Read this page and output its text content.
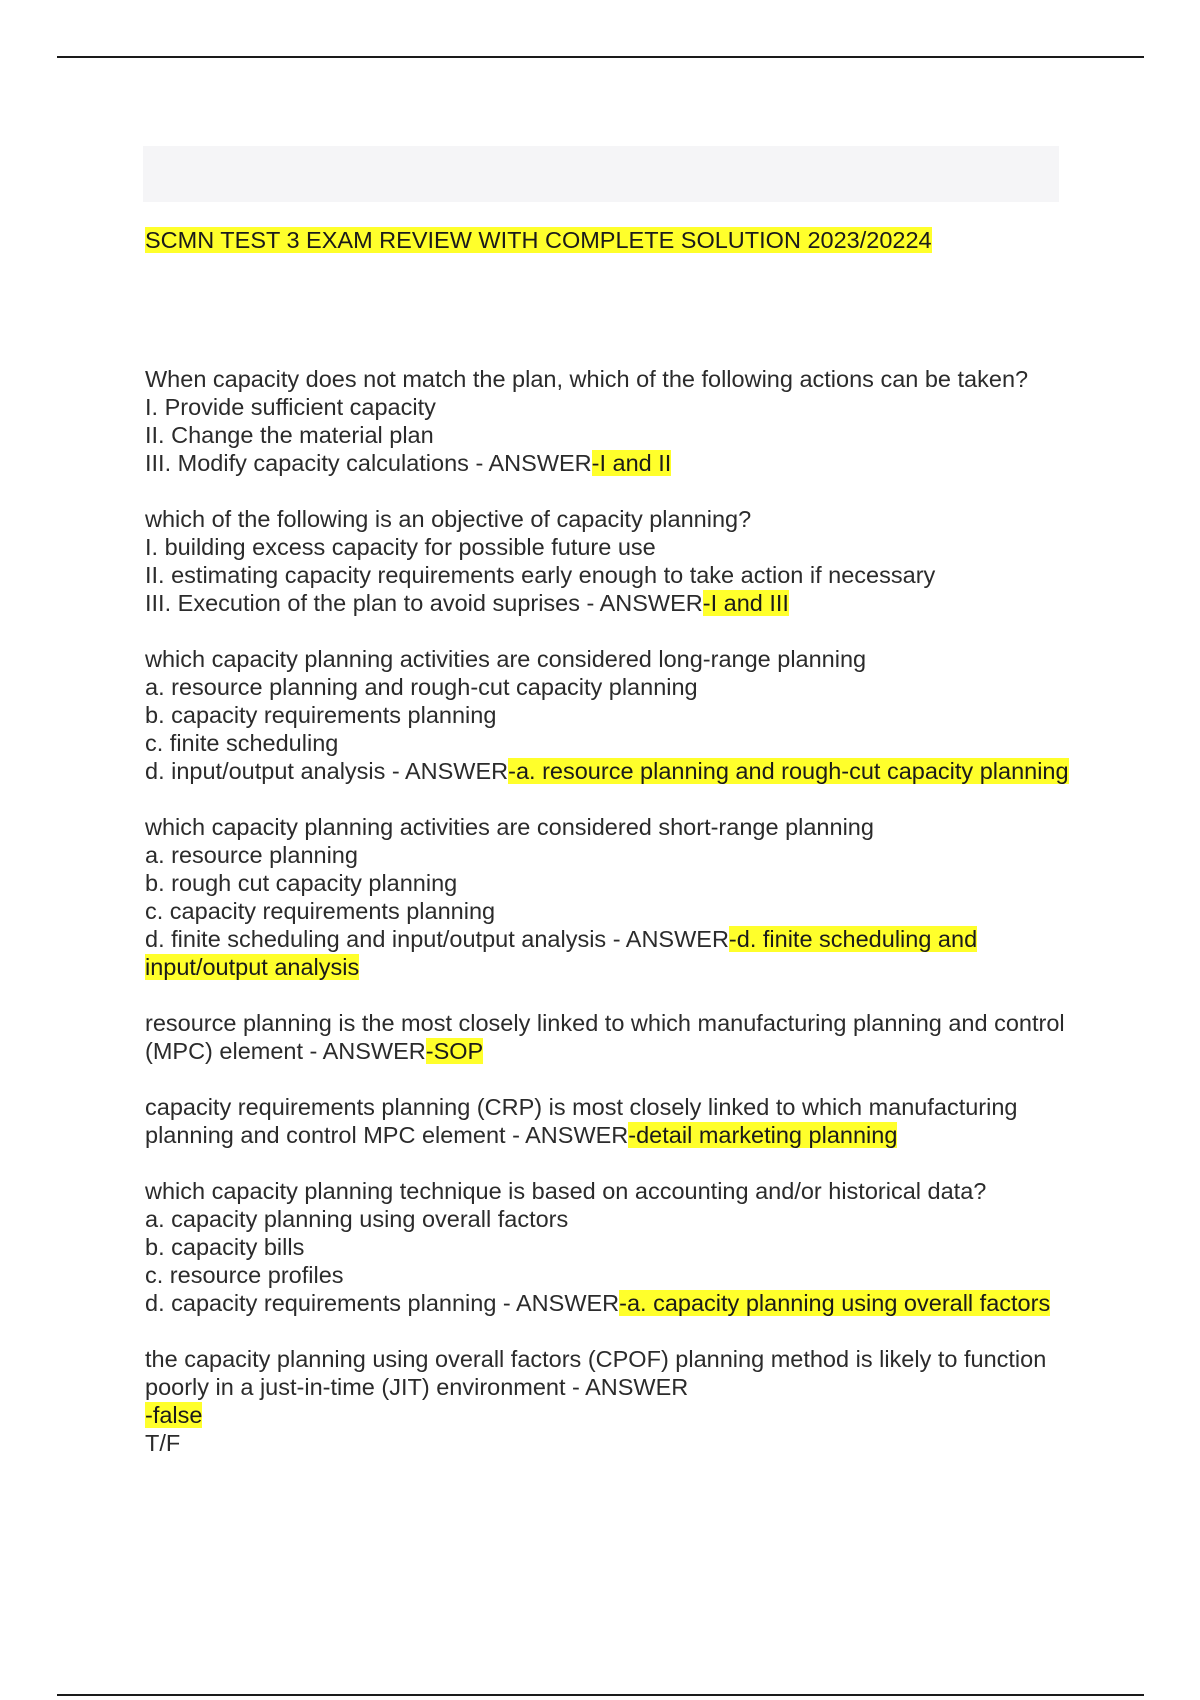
SCMN TEST 3 EXAM REVIEW WITH COMPLETE SOLUTION 2023/20224
When capacity does not match the plan, which of the following actions can be taken?
I. Provide sufficient capacity
II. Change the material plan
III. Modify capacity calculations - ANSWER-I and II
which of the following is an objective of capacity planning?
I. building excess capacity for possible future use
II. estimating capacity requirements early enough to take action if necessary
III. Execution of the plan to avoid suprises - ANSWER-I and III
which capacity planning activities are considered long-range planning
a. resource planning and rough-cut capacity planning
b. capacity requirements planning
c. finite scheduling
d. input/output analysis - ANSWER-a. resource planning and rough-cut capacity planning
which capacity planning activities are considered short-range planning
a. resource planning
b. rough cut capacity planning
c. capacity requirements planning
d. finite scheduling and input/output analysis - ANSWER-d. finite scheduling and input/output analysis
resource planning is the most closely linked to which manufacturing planning and control (MPC) element - ANSWER-SOP
capacity requirements planning (CRP) is most closely linked to which manufacturing planning and control MPC element - ANSWER-detail marketing planning
which capacity planning technique is based on accounting and/or historical data?
a. capacity planning using overall factors
b. capacity bills
c. resource profiles
d. capacity requirements planning - ANSWER-a. capacity planning using overall factors
the capacity planning using overall factors (CPOF) planning method is likely to function poorly in a just-in-time (JIT) environment - ANSWER
-false
T/F
